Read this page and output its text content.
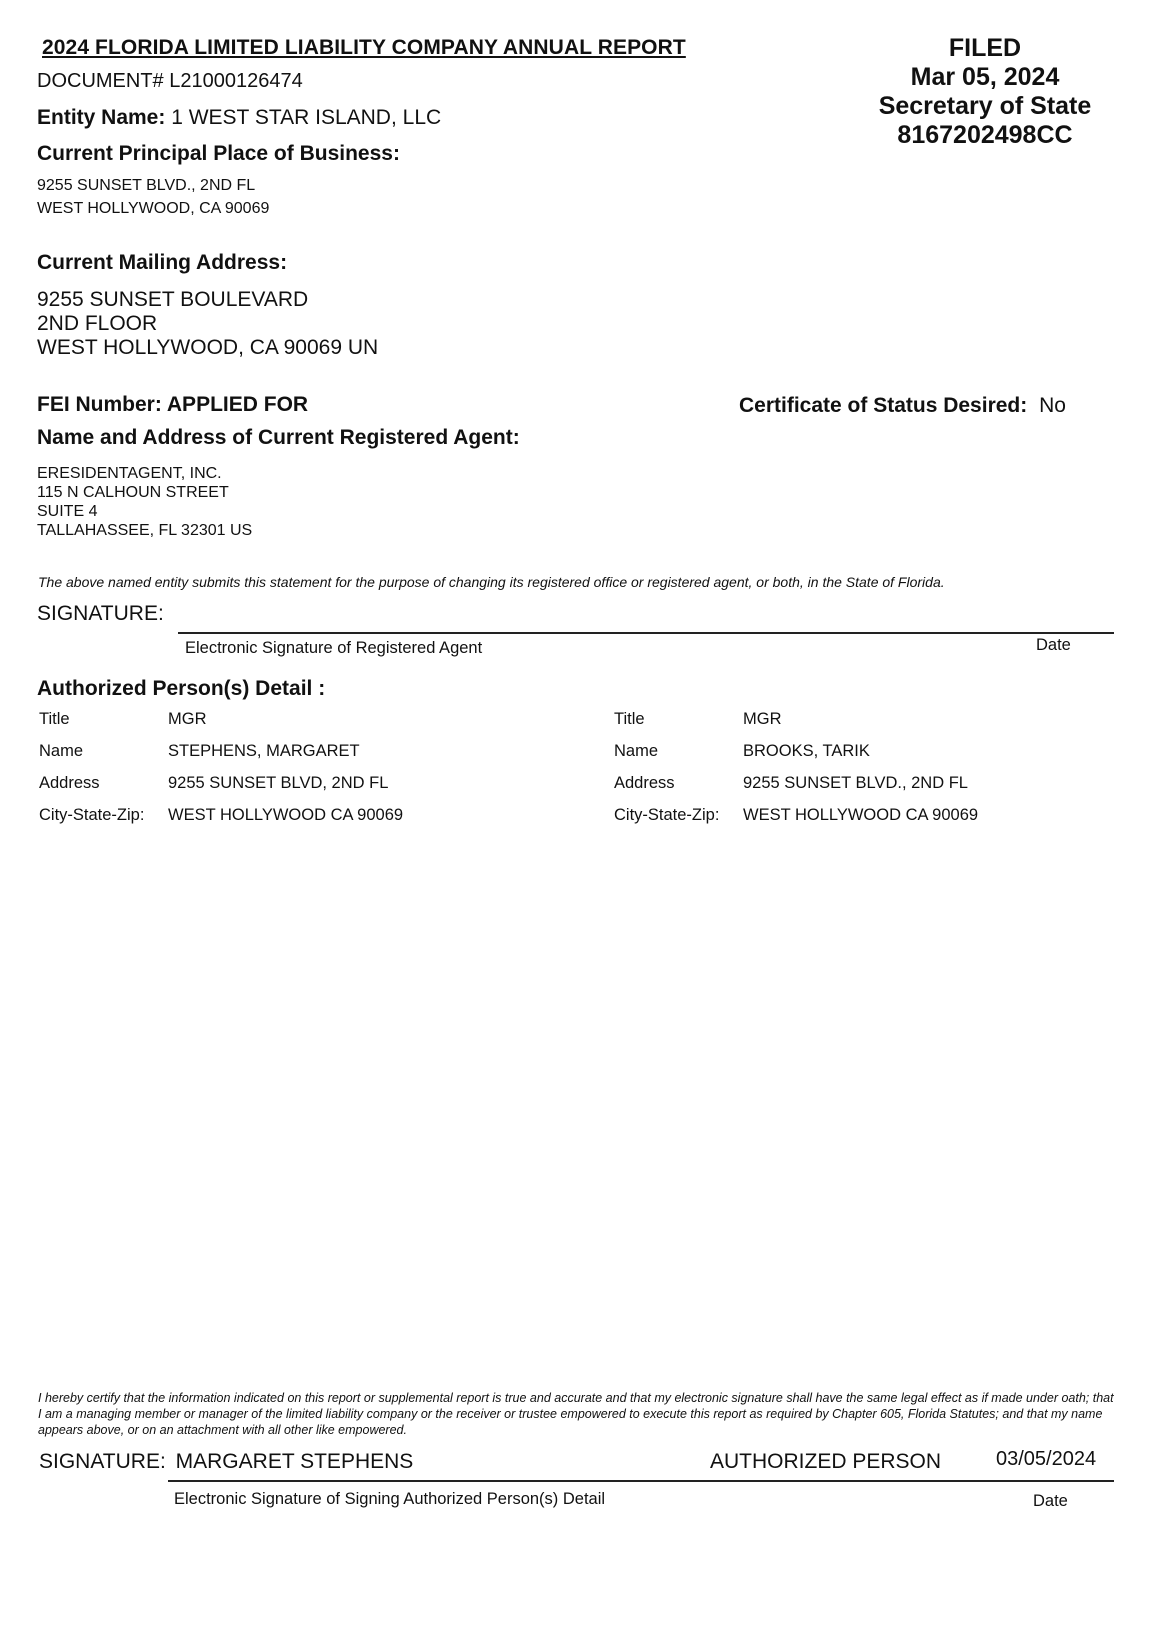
2024 FLORIDA LIMITED LIABILITY COMPANY ANNUAL REPORT	FILED
Mar 05, 2024
Secretary of State
8167202498CC
DOCUMENT# L21000126474
Entity Name: 1 WEST STAR ISLAND, LLC
Current Principal Place of Business:
9255 SUNSET BLVD., 2ND FL
WEST HOLLYWOOD, CA 90069
Current Mailing Address:
9255 SUNSET BOULEVARD
2ND FLOOR
WEST HOLLYWOOD, CA 90069 UN
FEI Number: APPLIED FOR	Certificate of Status Desired: No
Name and Address of Current Registered Agent:
ERESIDENTAGENT, INC.
115 N CALHOUN STREET
SUITE 4
TALLAHASSEE, FL 32301 US
The above named entity submits this statement for the purpose of changing its registered office or registered agent, or both, in the State of Florida.
SIGNATURE:
Electronic Signature of Registered Agent	Date
Authorized Person(s) Detail :
Title	MGR
Name	STEPHENS, MARGARET
Address	9255 SUNSET BLVD, 2ND FL
City-State-Zip: WEST HOLLYWOOD CA 90069
Title	MGR
Name	BROOKS, TARIK
Address	9255 SUNSET BLVD., 2ND FL
City-State-Zip: WEST HOLLYWOOD CA 90069
I hereby certify that the information indicated on this report or supplemental report is true and accurate and that my electronic signature shall have the same legal effect as if made under oath; that I am a managing member or manager of the limited liability company or the receiver or trustee empowered to execute this report as required by Chapter 605, Florida Statutes; and that my name appears above, or on an attachment with all other like empowered.
SIGNATURE: MARGARET STEPHENS	AUTHORIZED PERSON	03/05/2024
Electronic Signature of Signing Authorized Person(s) Detail	Date
